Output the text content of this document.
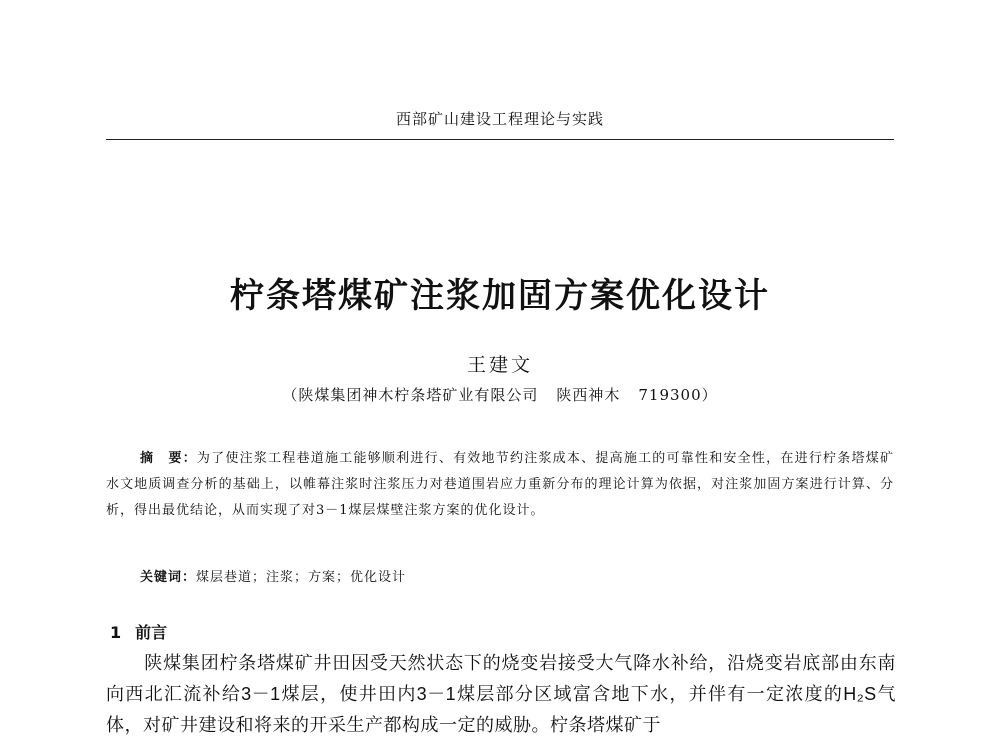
西部矿山建设工程理论与实践
柠条塔煤矿注浆加固方案优化设计
王建文
（陕煤集团神木柠条塔矿业有限公司 陕西神木 719300）
摘　要：为了使注浆工程巷道施工能够顺利进行、有效地节约注浆成本、提高施工的可靠性和安全性，在进行柠条塔煤矿水文地质调查分析的基础上，以帷幕注浆时注浆压力对巷道围岩应力重新分布的理论计算为依据，对注浆加固方案进行计算、分析，得出最优结论，从而实现了对3－1煤层煤壁注浆方案的优化设计。
关键词：煤层巷道；注浆；方案；优化设计
1 前言
陕煤集团柠条塔煤矿井田因受天然状态下的烧变岩接受大气降水补给，沿烧变岩底部由东南向西北汇流补给3－1煤层，使井田内3－1煤层部分区域富含地下水，并伴有一定浓度的H₂S气体，对矿井建设和将来的开采生产都构成一定的威胁。柠条塔煤矿于
